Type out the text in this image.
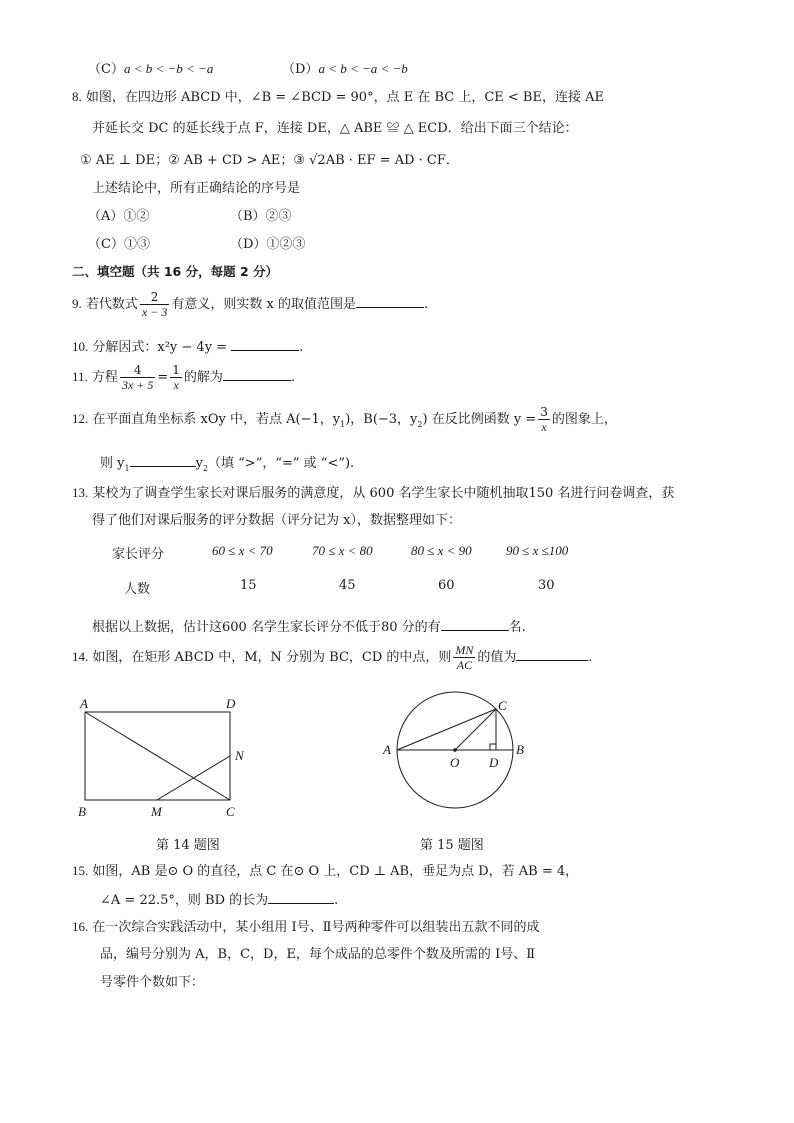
（C）a < b < −b < −a	（D）a < b < −a < −b
8. 如图，在四边形 ABCD 中，∠B = ∠BCD = 90°，点 E 在 BC 上，CE < BE，连接 AE
并延长交 DC 的延长线于点 F，连接 DE，△ ABE ≌ △ ECD．给出下面三个结论：
① AE ⊥ DE；② AB + CD > AE；③ √2AB · EF = AD · CF．
上述结论中，所有正确结论的序号是
（A）①②	（B）②③
（C）①③	（D）①②③
二、填空题（共 16 分，每题 2 分）
9. 若代数式 $\frac{2}{x - 3}$ 有意义，则实数 x 的取值范围是	.
10. 分解因式：x²y − 4y =	.
11. 方程 $\frac{4}{3x + 5} = \frac{1}{x}$ 的解为	.
12. 在平面直角坐标系 xOy 中，若点 A(−1，$y_1$)，B(−3，$y_2$) 在反比例函数 $y = \frac{3}{x}$ 的图象上，
则 $y_1$	$y_2$（填 “>”，“=” 或 “<”).
13. 某校为了调查学生家长对课后服务的满意度，从 600 名学生家长中随机抽取150 名进行问卷调查，获
得了他们对课后服务的评分数据（评分记为 x），数据整理如下：
家长评分	60 ≤ x < 70	70 ≤ x < 80	80 ≤ x < 90	90 ≤ x ≤100
人数	15	45	60	30
根据以上数据，估计这600 名学生家长评分不低于80 分的有	名.
14. 如图，在矩形 ABCD 中，M，N 分别为 BC，CD 的中点，则 $\frac{MN}{AC}$ 的值为	.
A	D
B	M	C
N
第 14 题图
A	B
C
D
O
第 15 题图
15. 如图，AB 是⊙ O 的直径，点 C 在⊙ O 上，CD ⊥ AB，垂足为点 D，若 AB = 4，
∠A = 22.5°，则 BD 的长为	.
16. 在一次综合实践活动中，某小组用 Ⅰ号、Ⅱ号两种零件可以组装出五款不同的成
品，编号分别为 A，B，C，D，E，每个成品的总零件个数及所需的 Ⅰ号、Ⅱ
号零件个数如下：
